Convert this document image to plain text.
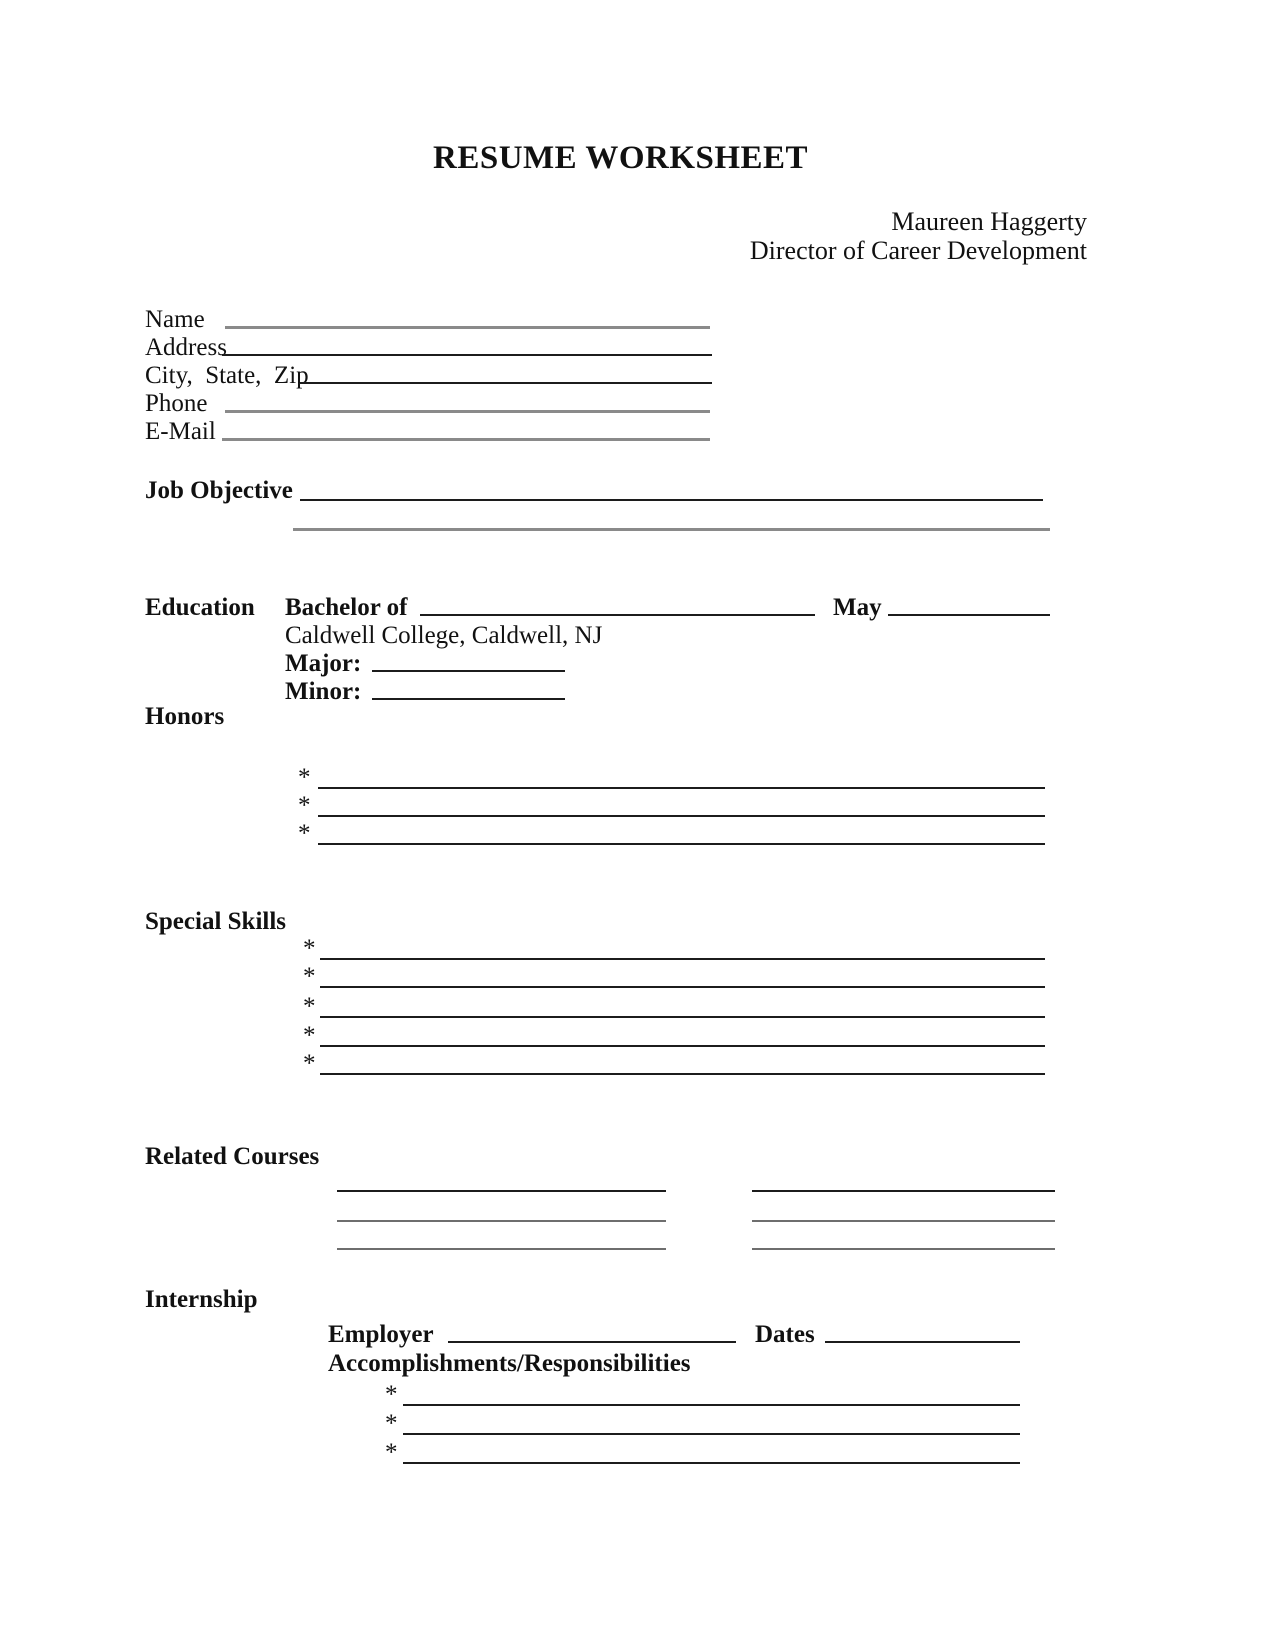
RESUME WORKSHEET
Maureen Haggerty
Director of Career Development
Name
Address
City,  State,  Zip
Phone
E-Mail
Job Objective
Education Bachelor of	May
Caldwell College, Caldwell, NJ
Major:
Minor:
Honors
*
*
*
Special Skills
*
*
*
*
*
Related Courses
Internship
Employer	Dates
Accomplishments/Responsibilities
*
*
*
